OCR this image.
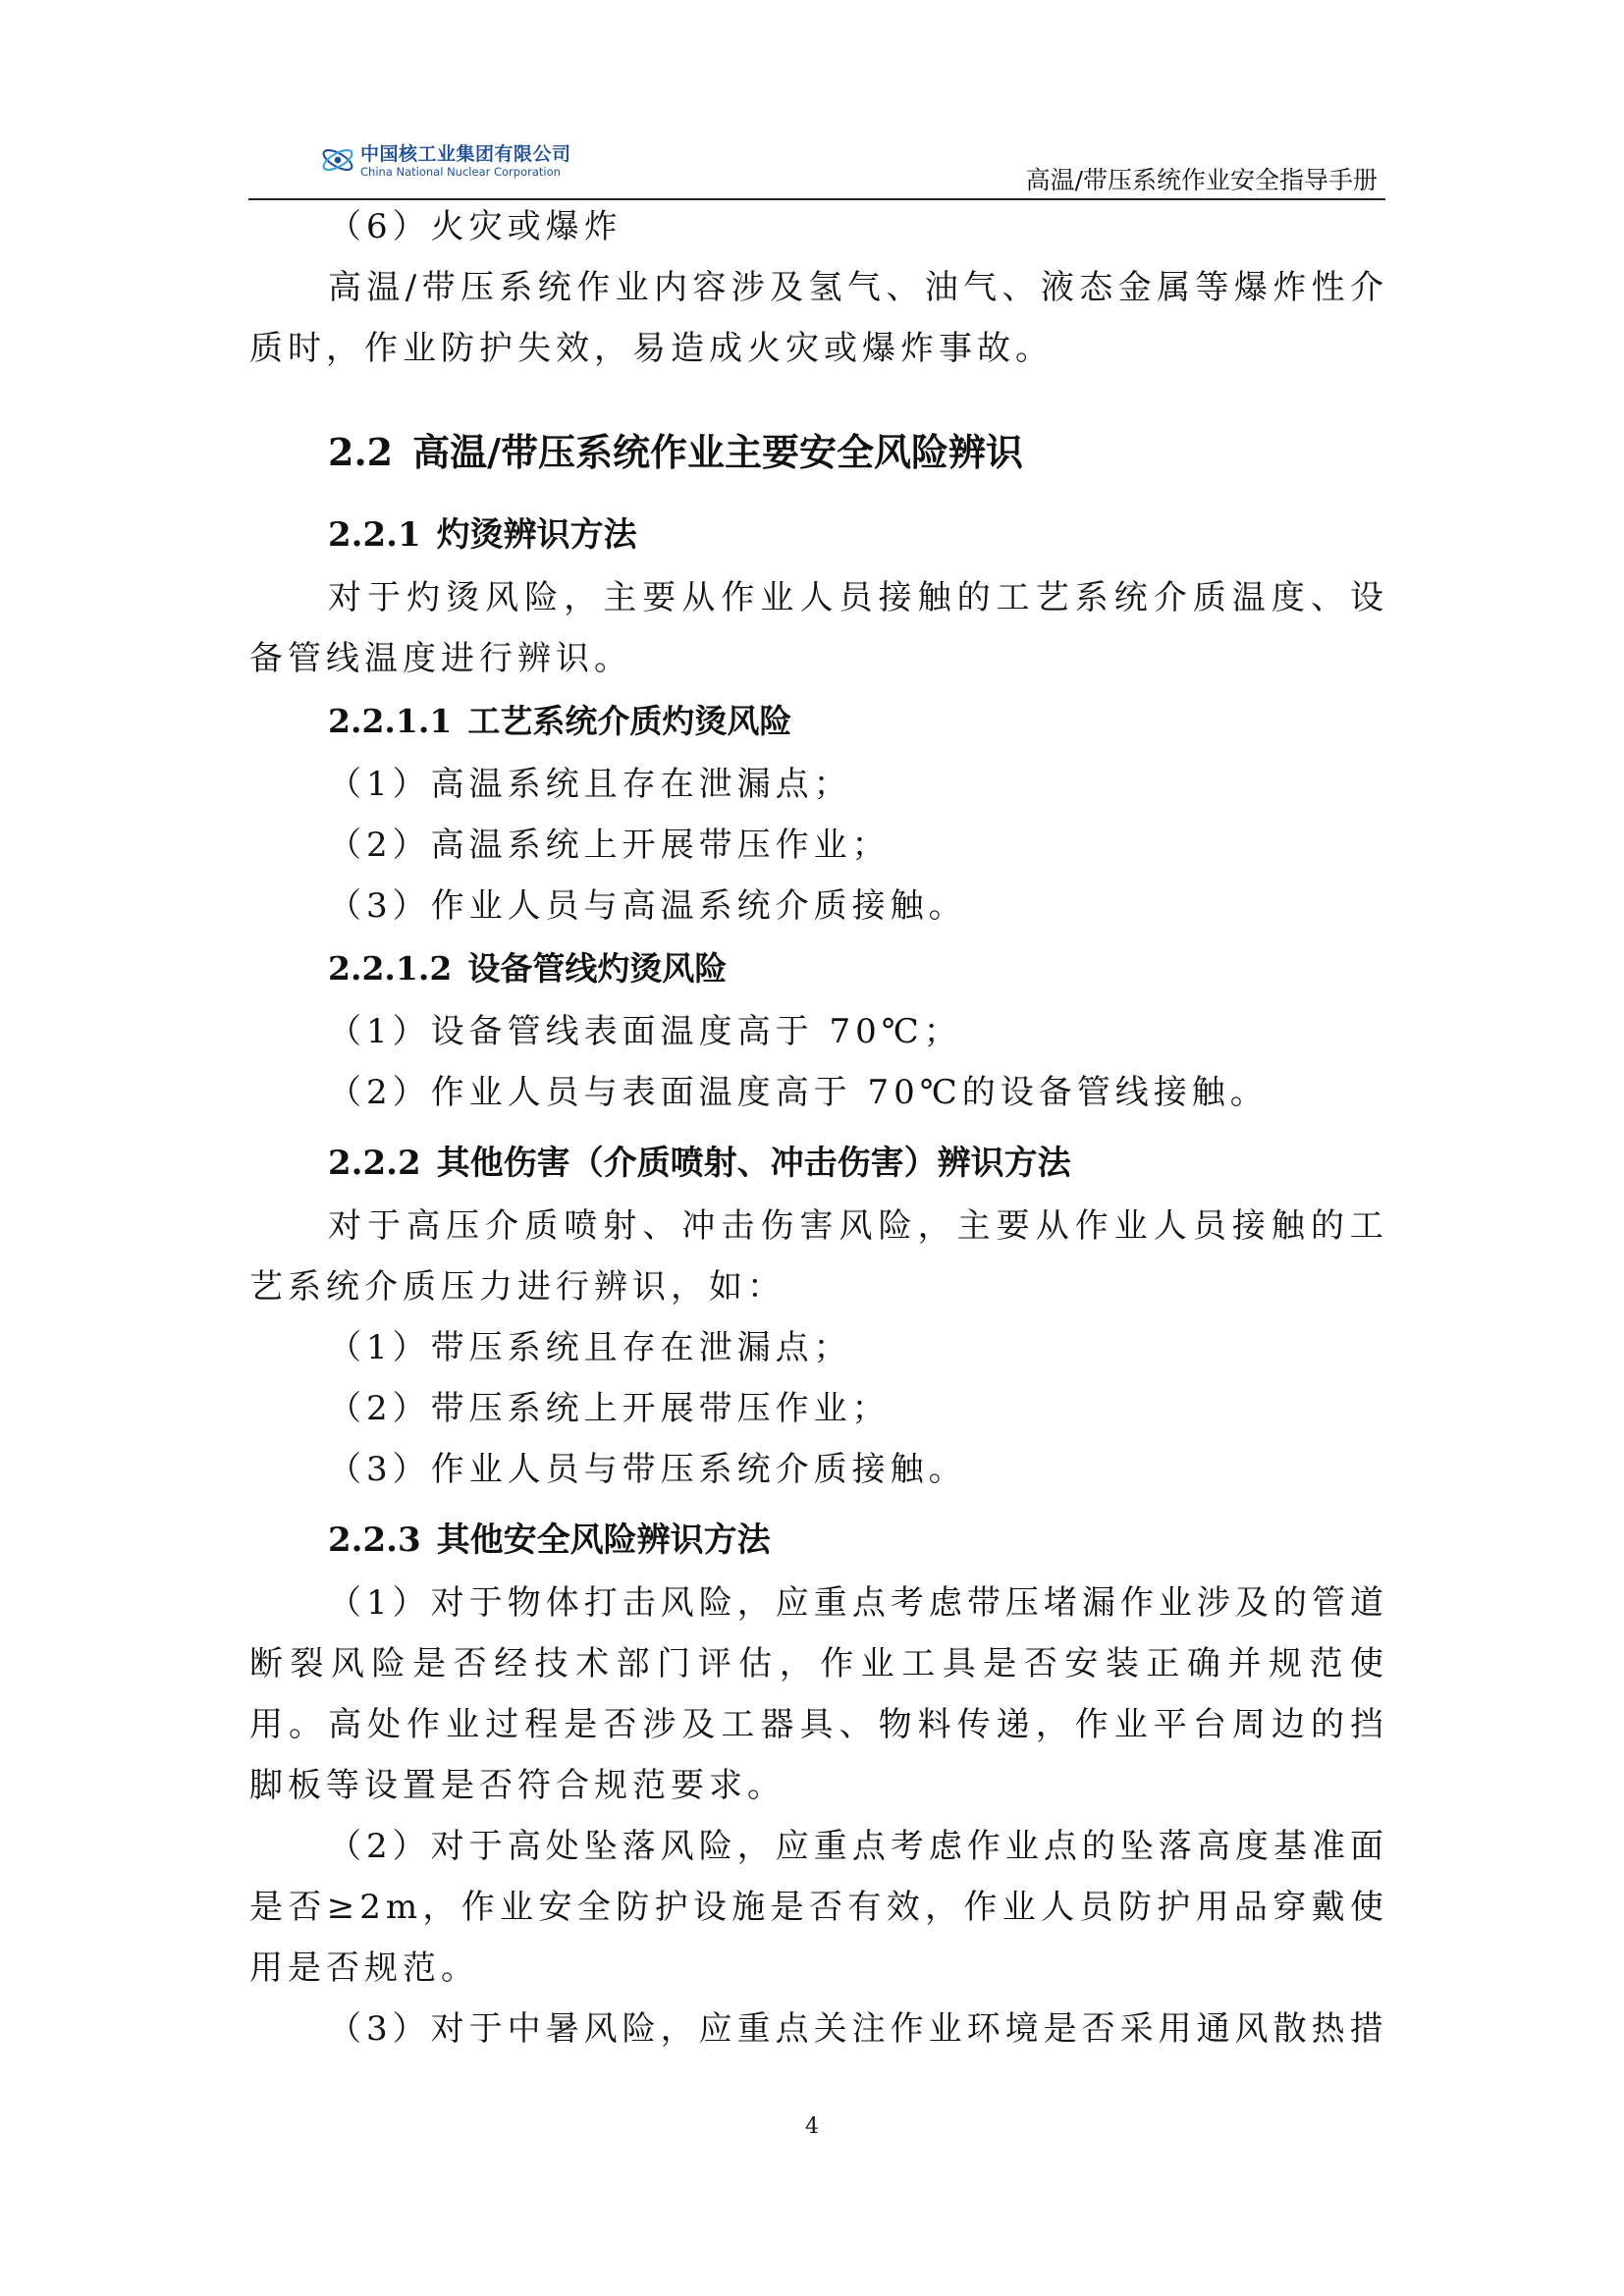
中国核工业集团有限公司
China National Nuclear Corporation	高温/带压系统作业安全指导手册

（6）火灾或爆炸

高温/带压系统作业内容涉及氢气、油气、液态金属等爆炸性介质时，作业防护失效，易造成火灾或爆炸事故。

2.2 高温/带压系统作业主要安全风险辨识
2.2.1 灼烫辨识方法

对于灼烫风险，主要从作业人员接触的工艺系统介质温度、设备管线温度进行辨识。

2.2.1.1 工艺系统介质灼烫风险

（1）高温系统且存在泄漏点；

（2）高温系统上开展带压作业；

（3）作业人员与高温系统介质接触。

2.2.1.2 设备管线灼烫风险

（1）设备管线表面温度高于 70℃；

（2）作业人员与表面温度高于 70℃的设备管线接触。

2.2.2 其他伤害（介质喷射、冲击伤害）辨识方法

对于高压介质喷射、冲击伤害风险，主要从作业人员接触的工艺系统介质压力进行辨识，如：

（1）带压系统且存在泄漏点；

（2）带压系统上开展带压作业；

（3）作业人员与带压系统介质接触。

2.2.3 其他安全风险辨识方法

（1）对于物体打击风险，应重点考虑带压堵漏作业涉及的管道断裂风险是否经技术部门评估，作业工具是否安装正确并规范使用。高处作业过程是否涉及工器具、物料传递，作业平台周边的挡脚板等设置是否符合规范要求。

（2）对于高处坠落风险，应重点考虑作业点的坠落高度基准面是否≥2m，作业安全防护设施是否有效，作业人员防护用品穿戴使用是否规范。

（3）对于中暑风险，应重点关注作业环境是否采用通风散热措

4
